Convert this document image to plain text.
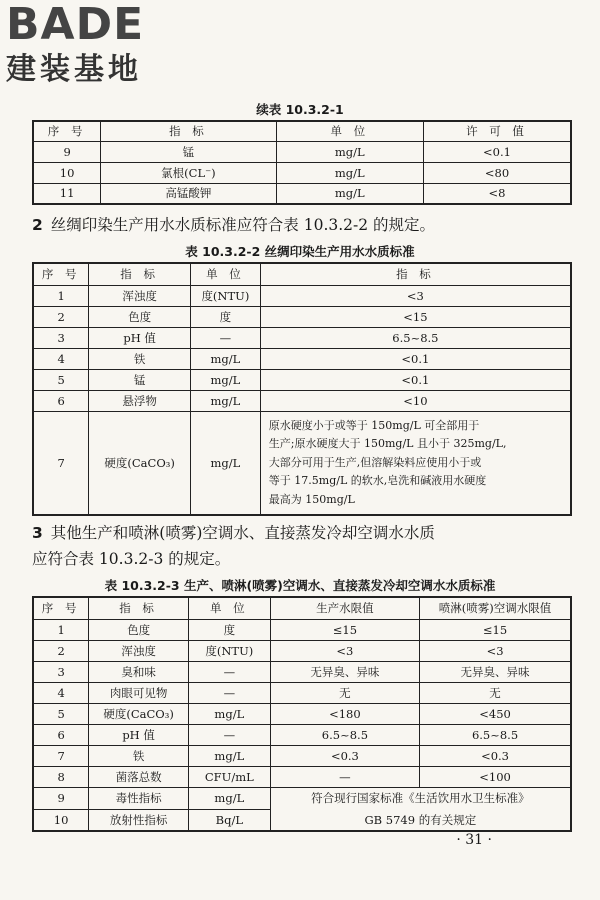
BADE
建装基地
续表 10.3.2-1
序 号	指 标	单 位	许 可 值
9	锰	mg/L	<0.1
10	氯根(CL⁻)	mg/L	<80
11	高锰酸钾	mg/L	<8
2 丝绸印染生产用水水质标准应符合表 10.3.2-2 的规定。
表 10.3.2-2 丝绸印染生产用水水质标准
序 号	指 标	单 位	指 标
1	浑浊度	度(NTU)	<3
2	色度	度	<15
3	pH 值	—	6.5~8.5
4	铁	mg/L	<0.1
5	锰	mg/L	<0.1
6	悬浮物	mg/L	<10
7	硬度(CaCO₃)	mg/L	原水硬度小于或等于 150mg/L 可全部用于
生产;原水硬度大于 150mg/L 且小于 325mg/L,
大部分可用于生产,但溶解染料应使用小于或
等于 17.5mg/L 的软水,皂洗和碱液用水硬度
最高为 150mg/L
3 其他生产和喷淋(喷雾)空调水、直接蒸发冷却空调水水质
应符合表 10.3.2-3 的规定。
表 10.3.2-3 生产、喷淋(喷雾)空调水、直接蒸发冷却空调水水质标准
序 号	指 标	单 位	生产水限值	喷淋(喷雾)空调水限值
1	色度	度	≤15	≤15
2	浑浊度	度(NTU)	<3	<3
3	臭和味	—	无异臭、异味	无异臭、异味
4	肉眼可见物	—	无	无
5	硬度(CaCO₃)	mg/L	<180	<450
6	pH 值	—	6.5~8.5	6.5~8.5
7	铁	mg/L	<0.3	<0.3
8	菌落总数	CFU/mL	—	<100
9	毒性指标	mg/L	符合现行国家标准《生活饮用水卫生标准》	
10	放射性指标	Bq/L	GB 5749 的有关规定	
· 31 ·
